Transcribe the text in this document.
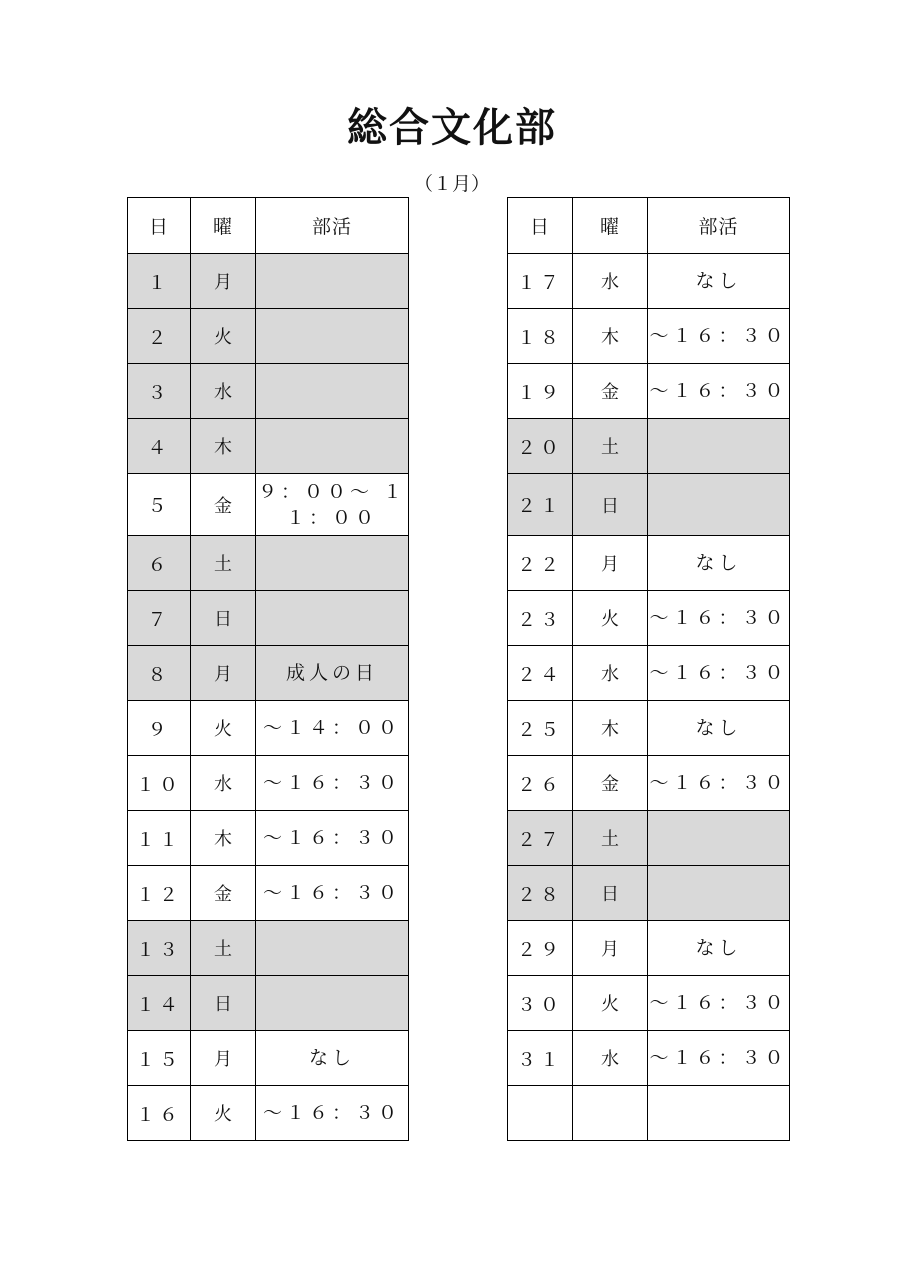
総合文化部
（１月）
日	曜	部活
１	月	
２	火	
３	水	
４	木	
５	金	９：００～ １１：００
６	土	
７	日	
８	月	成人の日
９	火	～１４：００
１０	水	～１６：３０
１１	木	～１６：３０
１２	金	～１６：３０
１３	土	
１４	日	
１５	月	なし
１６	火	～１６：３０
日	曜	部活
１７	水	なし
１８	木	～１６：３０
１９	金	～１６：３０
２０	土	
２１	日	
２２	月	なし
２３	火	～１６：３０
２４	水	～１６：３０
２５	木	なし
２６	金	～１６：３０
２７	土	
２８	日	
２９	月	なし
３０	火	～１６：３０
３１	水	～１６：３０
